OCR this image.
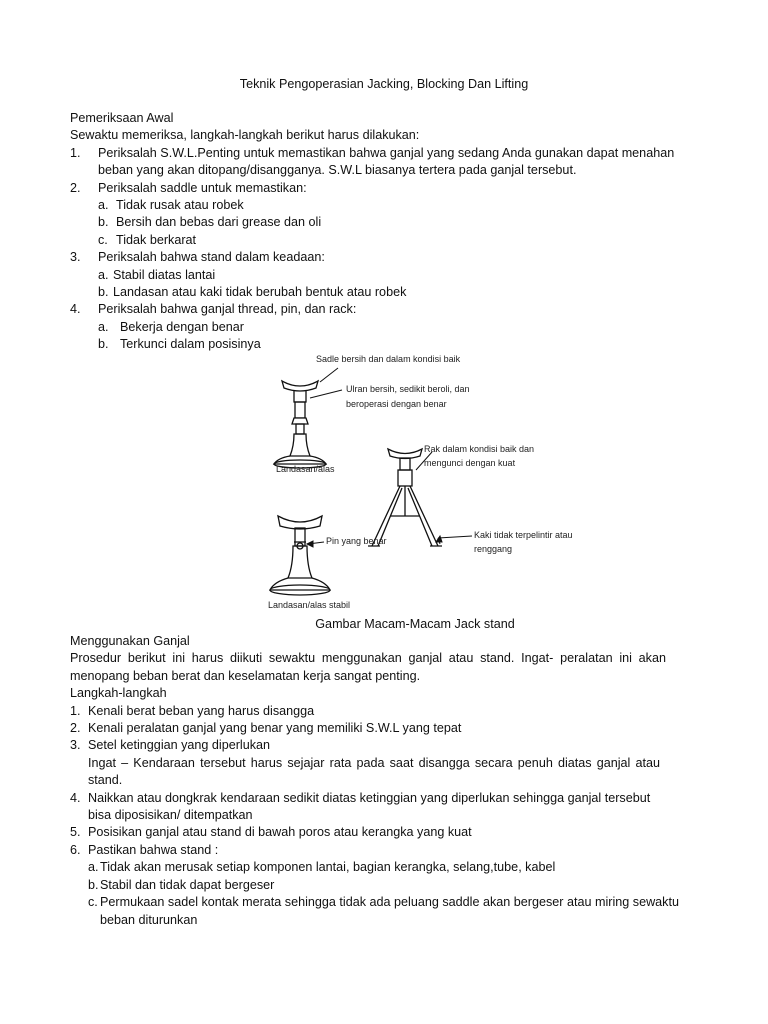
Teknik Pengoperasian Jacking, Blocking Dan Lifting
Pemeriksaan Awal
Sewaktu memeriksa, langkah-langkah berikut harus dilakukan:
1.	Periksalah S.W.L.Penting untuk memastikan bahwa ganjal yang sedang Anda gunakan dapat menahan beban yang akan ditopang/disangganya. S.W.L biasanya tertera pada ganjal tersebut.
2.	Periksalah saddle untuk memastikan:
a. Tidak rusak atau robek
b. Bersih dan bebas dari grease dan oli
c. Tidak berkarat
3.	Periksalah bahwa stand dalam keadaan:
a. Stabil diatas lantai
b. Landasan atau kaki tidak berubah bentuk atau robek
4.	Periksalah bahwa ganjal thread, pin, dan rack:
a. Bekerja dengan benar
b. Terkunci dalam posisinya
Sadle bersih dan dalam kondisi baik
Ulran bersih, sedikit beroli, dan
beroperasi dengan benar
Landasan/alas
Rak dalam kondisi baik dan
mengunci dengan kuat
Pin yang benar
Kaki tidak terpelintir atau
renggang
Landasan/alas stabil
Gambar Macam-Macam Jack stand
Menggunakan Ganjal
Prosedur berikut ini harus diikuti sewaktu menggunakan ganjal atau stand. Ingat- peralatan ini akan menopang beban berat dan keselamatan kerja sangat penting.
Langkah-langkah
1. Kenali berat beban yang harus disangga
2. Kenali peralatan ganjal yang benar yang memiliki S.W.L yang tepat
3. Setel ketinggian yang diperlukan
Ingat – Kendaraan tersebut harus sejajar rata pada saat disangga secara penuh diatas ganjal atau stand.
4. Naikkan atau dongkrak kendaraan sedikit diatas ketinggian yang diperlukan sehingga ganjal tersebut bisa diposisikan/ ditempatkan
5. Posisikan ganjal atau stand di bawah poros atau kerangka yang kuat
6. Pastikan bahwa stand :
a. Tidak akan merusak setiap komponen lantai, bagian kerangka, selang,tube, kabel
b. Stabil dan tidak dapat bergeser
c. Permukaan sadel kontak merata sehingga tidak ada peluang saddle akan bergeser atau miring sewaktu beban diturunkan
